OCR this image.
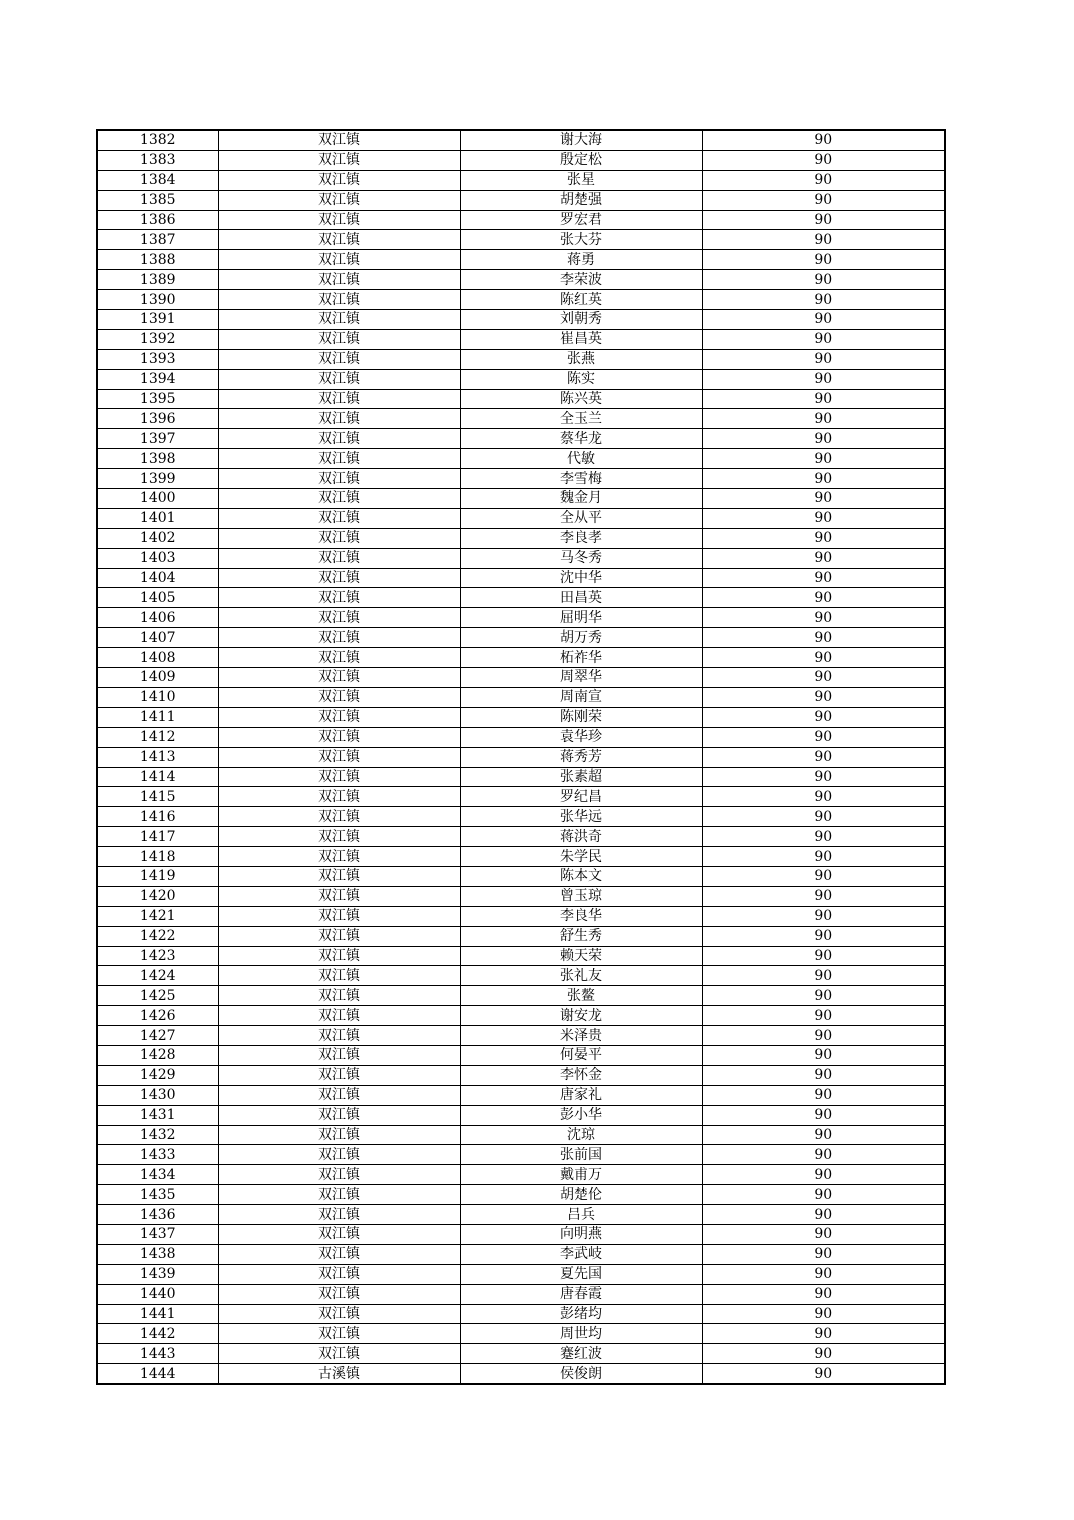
1382	双江镇	谢大海	90
1383	双江镇	殷定松	90
1384	双江镇	张星	90
1385	双江镇	胡楚强	90
1386	双江镇	罗宏君	90
1387	双江镇	张大芬	90
1388	双江镇	蒋勇	90
1389	双江镇	李荣波	90
1390	双江镇	陈红英	90
1391	双江镇	刘朝秀	90
1392	双江镇	崔昌英	90
1393	双江镇	张燕	90
1394	双江镇	陈实	90
1395	双江镇	陈兴英	90
1396	双江镇	全玉兰	90
1397	双江镇	蔡华龙	90
1398	双江镇	代敏	90
1399	双江镇	李雪梅	90
1400	双江镇	魏金月	90
1401	双江镇	全从平	90
1402	双江镇	李良孝	90
1403	双江镇	马冬秀	90
1404	双江镇	沈中华	90
1405	双江镇	田昌英	90
1406	双江镇	屈明华	90
1407	双江镇	胡万秀	90
1408	双江镇	柘祚华	90
1409	双江镇	周翠华	90
1410	双江镇	周南宣	90
1411	双江镇	陈刚荣	90
1412	双江镇	袁华珍	90
1413	双江镇	蒋秀芳	90
1414	双江镇	张素超	90
1415	双江镇	罗纪昌	90
1416	双江镇	张华远	90
1417	双江镇	蒋洪奇	90
1418	双江镇	朱学民	90
1419	双江镇	陈本文	90
1420	双江镇	曾玉琼	90
1421	双江镇	李良华	90
1422	双江镇	舒生秀	90
1423	双江镇	赖天荣	90
1424	双江镇	张礼友	90
1425	双江镇	张鳌	90
1426	双江镇	谢安龙	90
1427	双江镇	米泽贵	90
1428	双江镇	何晏平	90
1429	双江镇	李怀金	90
1430	双江镇	唐家礼	90
1431	双江镇	彭小华	90
1432	双江镇	沈琼	90
1433	双江镇	张前国	90
1434	双江镇	戴甫万	90
1435	双江镇	胡楚伦	90
1436	双江镇	吕兵	90
1437	双江镇	向明燕	90
1438	双江镇	李武岐	90
1439	双江镇	夏先国	90
1440	双江镇	唐春霞	90
1441	双江镇	彭绪均	90
1442	双江镇	周世均	90
1443	双江镇	蹇红波	90
1444	古溪镇	侯俊朗	90
